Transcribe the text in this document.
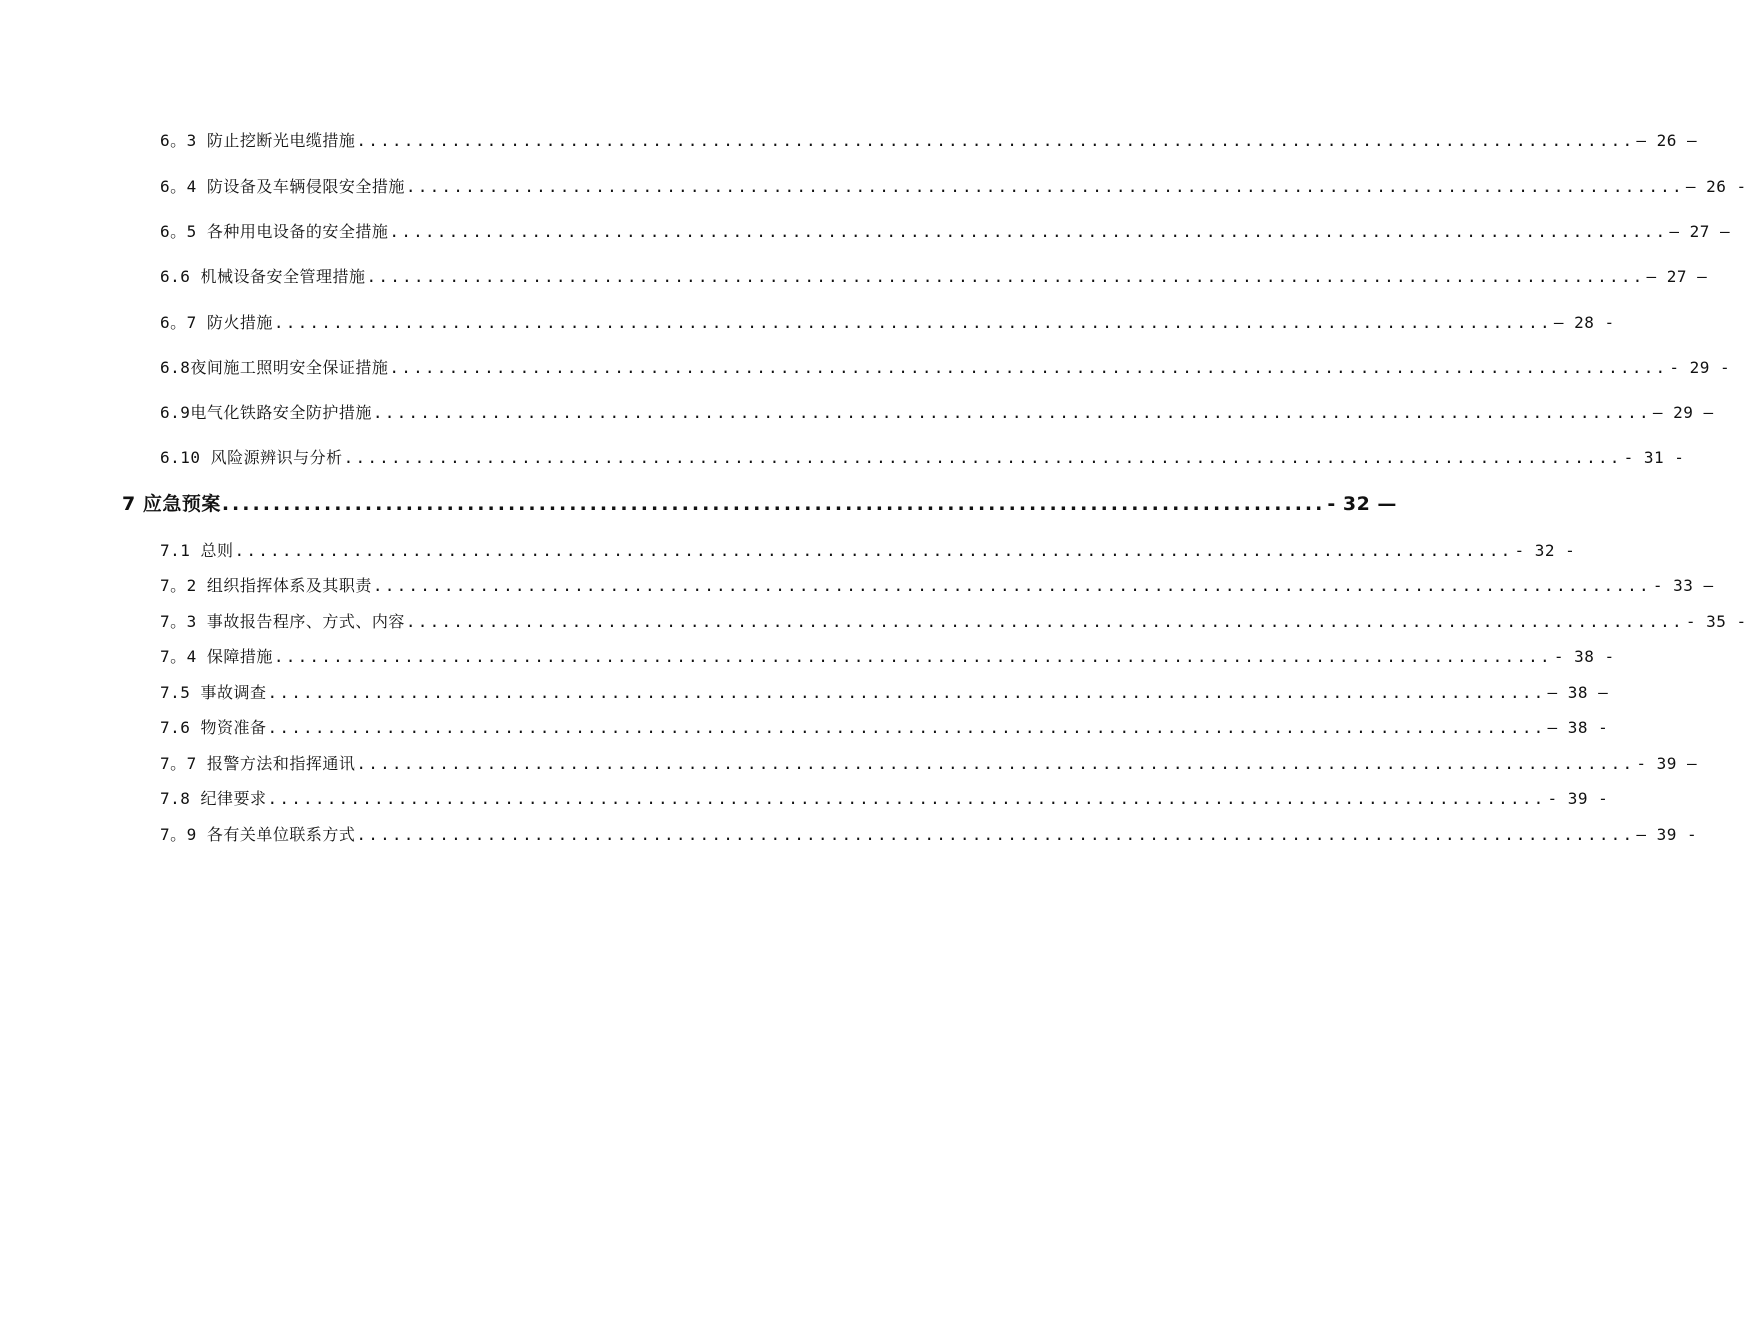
6。3 防止挖断光电缆措施 ............................................................................................................ — 26 —
6。4 防设备及车辆侵限安全措施 ............................................................................................................ — 26 -
6。5 各种用电设备的安全措施 ............................................................................................................ — 27 —
6.6 机械设备安全管理措施 ............................................................................................................ — 27 —
6。7 防火措施 ............................................................................................................ — 28 -
6.8夜间施工照明安全保证措施 ............................................................................................................ - 29 -
6.9电气化铁路安全防护措施 ............................................................................................................ — 29 —
6.10 风险源辨识与分析 ............................................................................................................ - 31 -
7 应急预案 ............................................................................................................ - 32 —
7.1 总则 ............................................................................................................ - 32 -
7。2 组织指挥体系及其职责 ............................................................................................................ - 33 —
7。3 事故报告程序、方式、内容 ............................................................................................................ - 35 -
7。4 保障措施 ............................................................................................................ - 38 -
7.5 事故调查 ............................................................................................................ — 38 —
7.6 物资准备 ............................................................................................................ — 38 -
7。7 报警方法和指挥通讯 ............................................................................................................ - 39 —
7.8 纪律要求 ............................................................................................................ - 39 -
7。9 各有关单位联系方式 ............................................................................................................ — 39 -
